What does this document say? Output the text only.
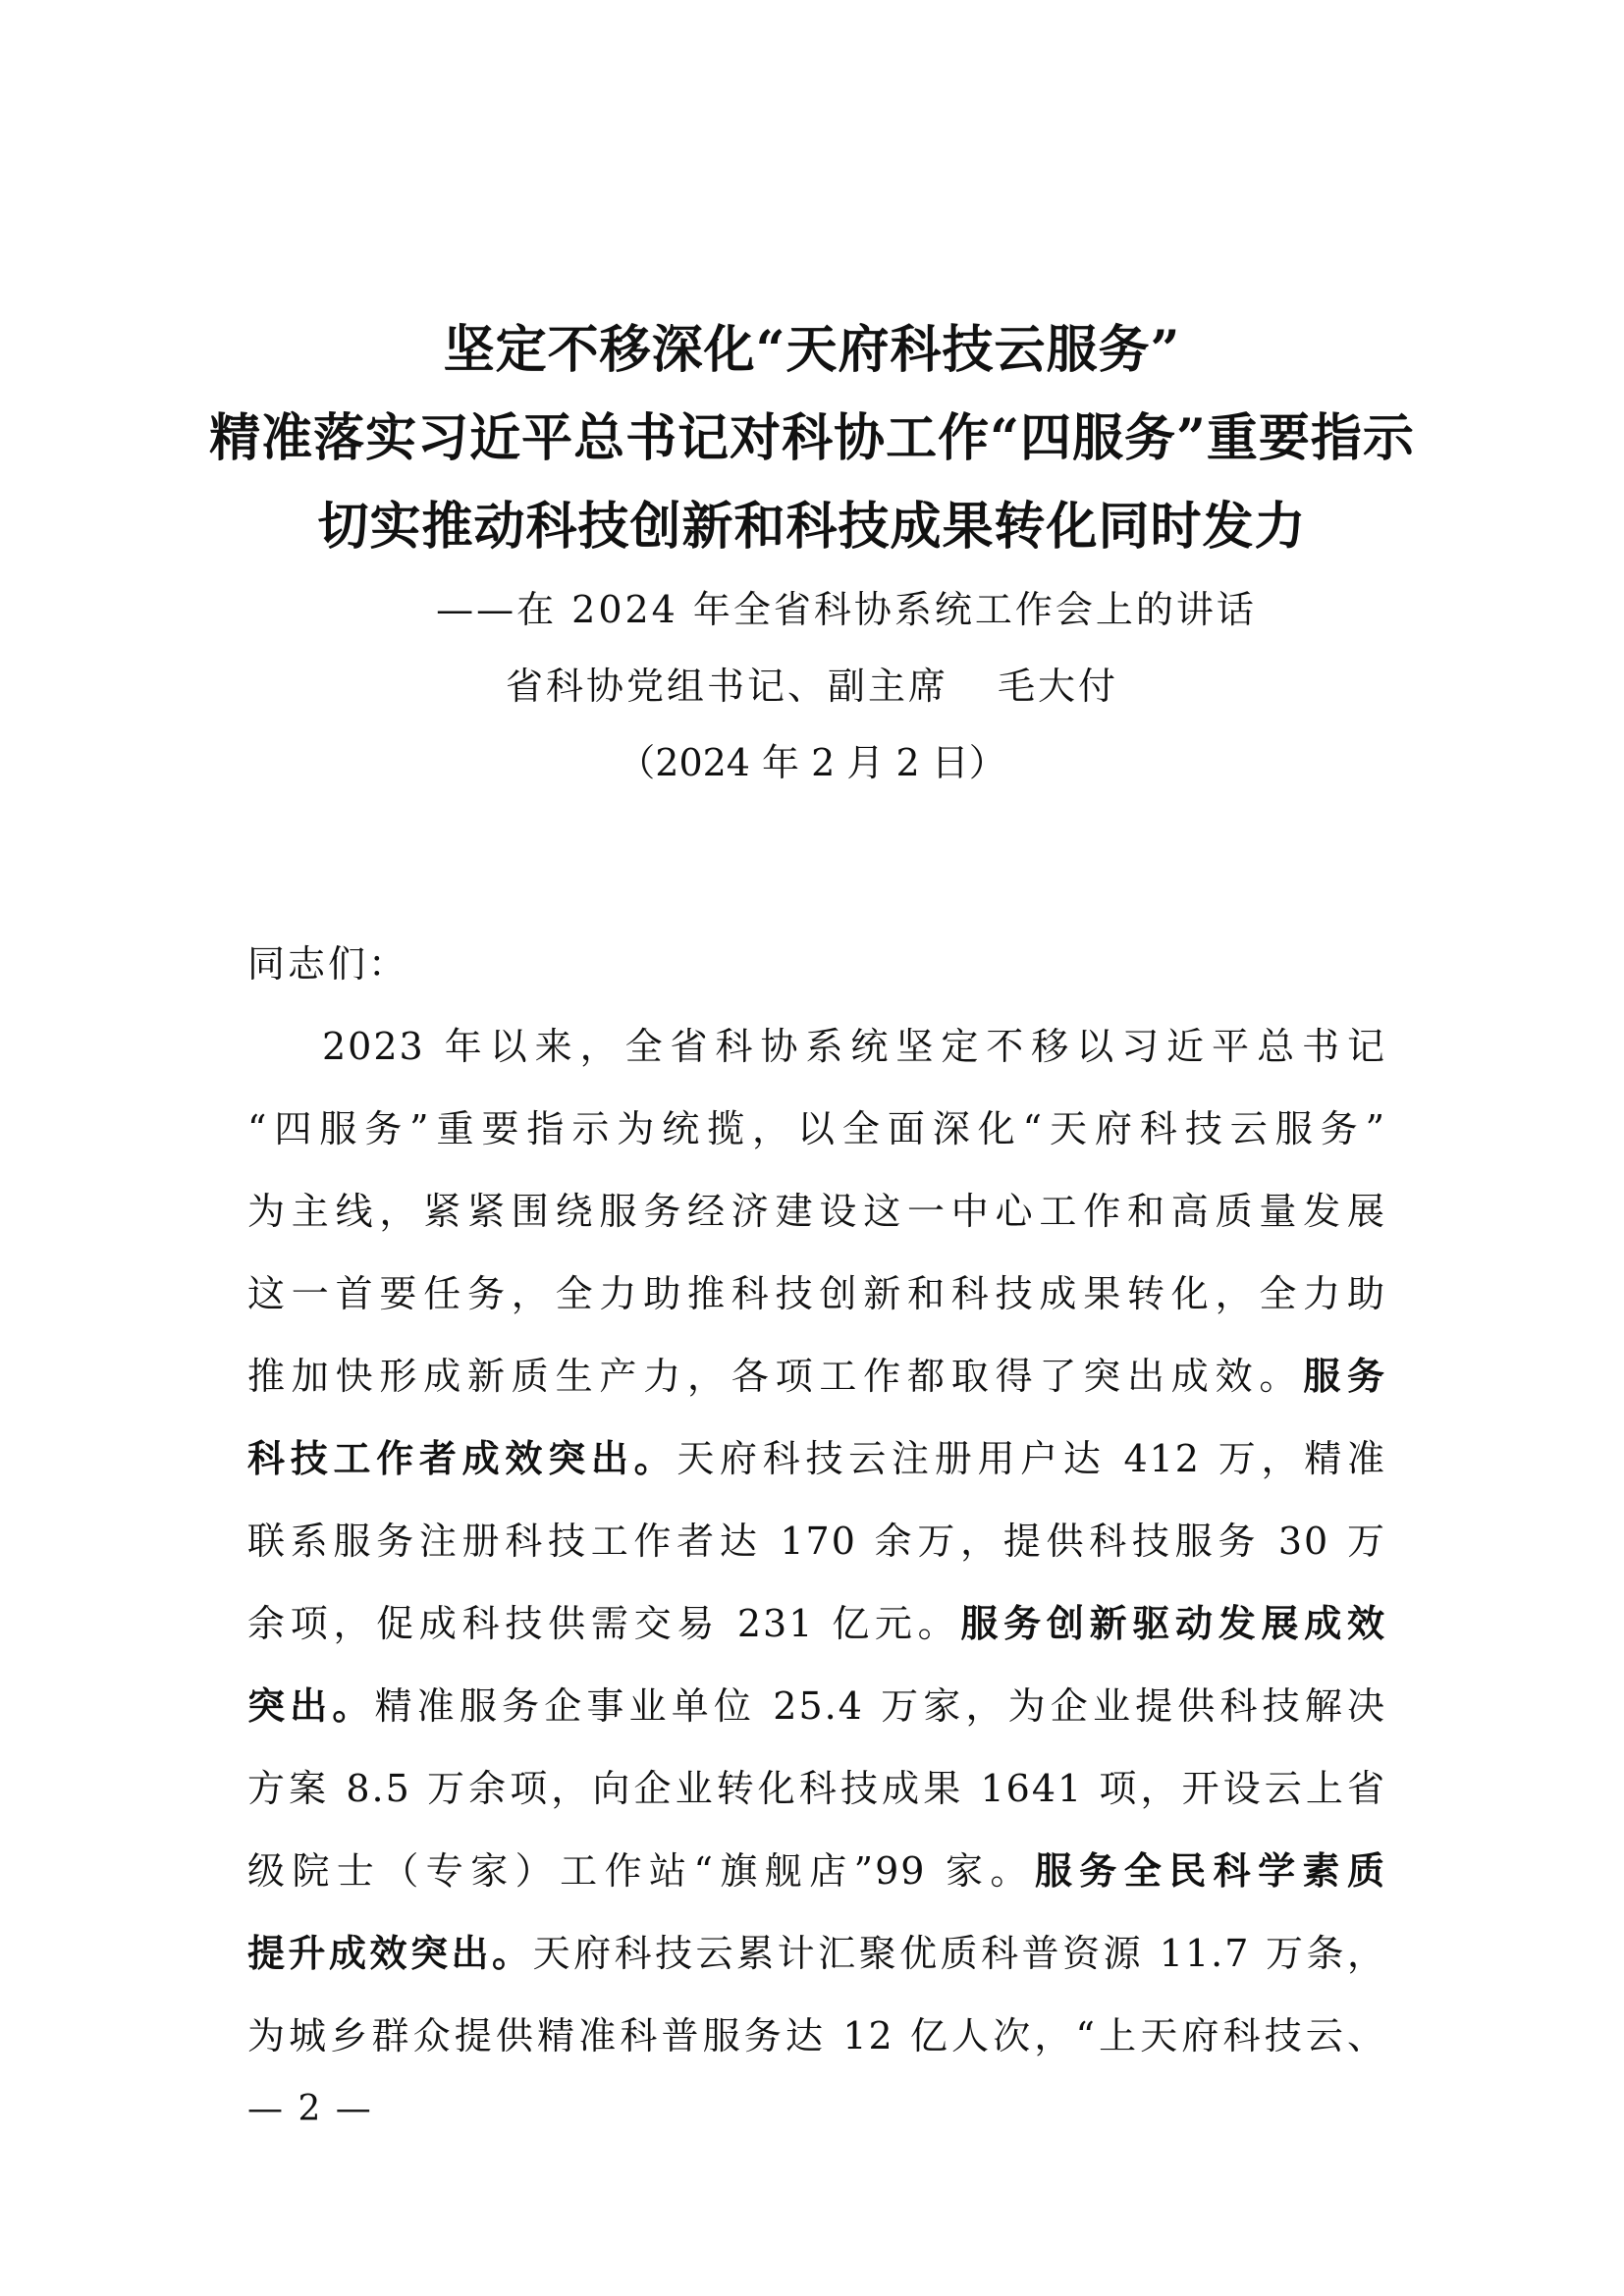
坚定不移深化“天府科技云服务”
精准落实习近平总书记对科协工作“四服务”重要指示
切实推动科技创新和科技成果转化同时发力
——在 2024 年全省科协系统工作会上的讲话
省科协党组书记、副主席 毛大付
（2024 年 2 月 2 日）
同志们：
2023 年以来，全省科协系统坚定不移以习近平总书记
“四服务”重要指示为统揽，以全面深化“天府科技云服务”
为主线，紧紧围绕服务经济建设这一中心工作和高质量发展
这一首要任务，全力助推科技创新和科技成果转化，全力助
推加快形成新质生产力，各项工作都取得了突出成效。服务
科技工作者成效突出。天府科技云注册用户达 412 万，精准
联系服务注册科技工作者达 170 余万，提供科技服务 30 万
余项，促成科技供需交易 231 亿元。服务创新驱动发展成效
突出。精准服务企事业单位 25.4 万家，为企业提供科技解决
方案 8.5 万余项，向企业转化科技成果 1641 项，开设云上省
级院士（专家）工作站“旗舰店”99 家。服务全民科学素质
提升成效突出。天府科技云累计汇聚优质科普资源 11.7 万条，
为城乡群众提供精准科普服务达 12 亿人次，“上天府科技云、
— 2 —
